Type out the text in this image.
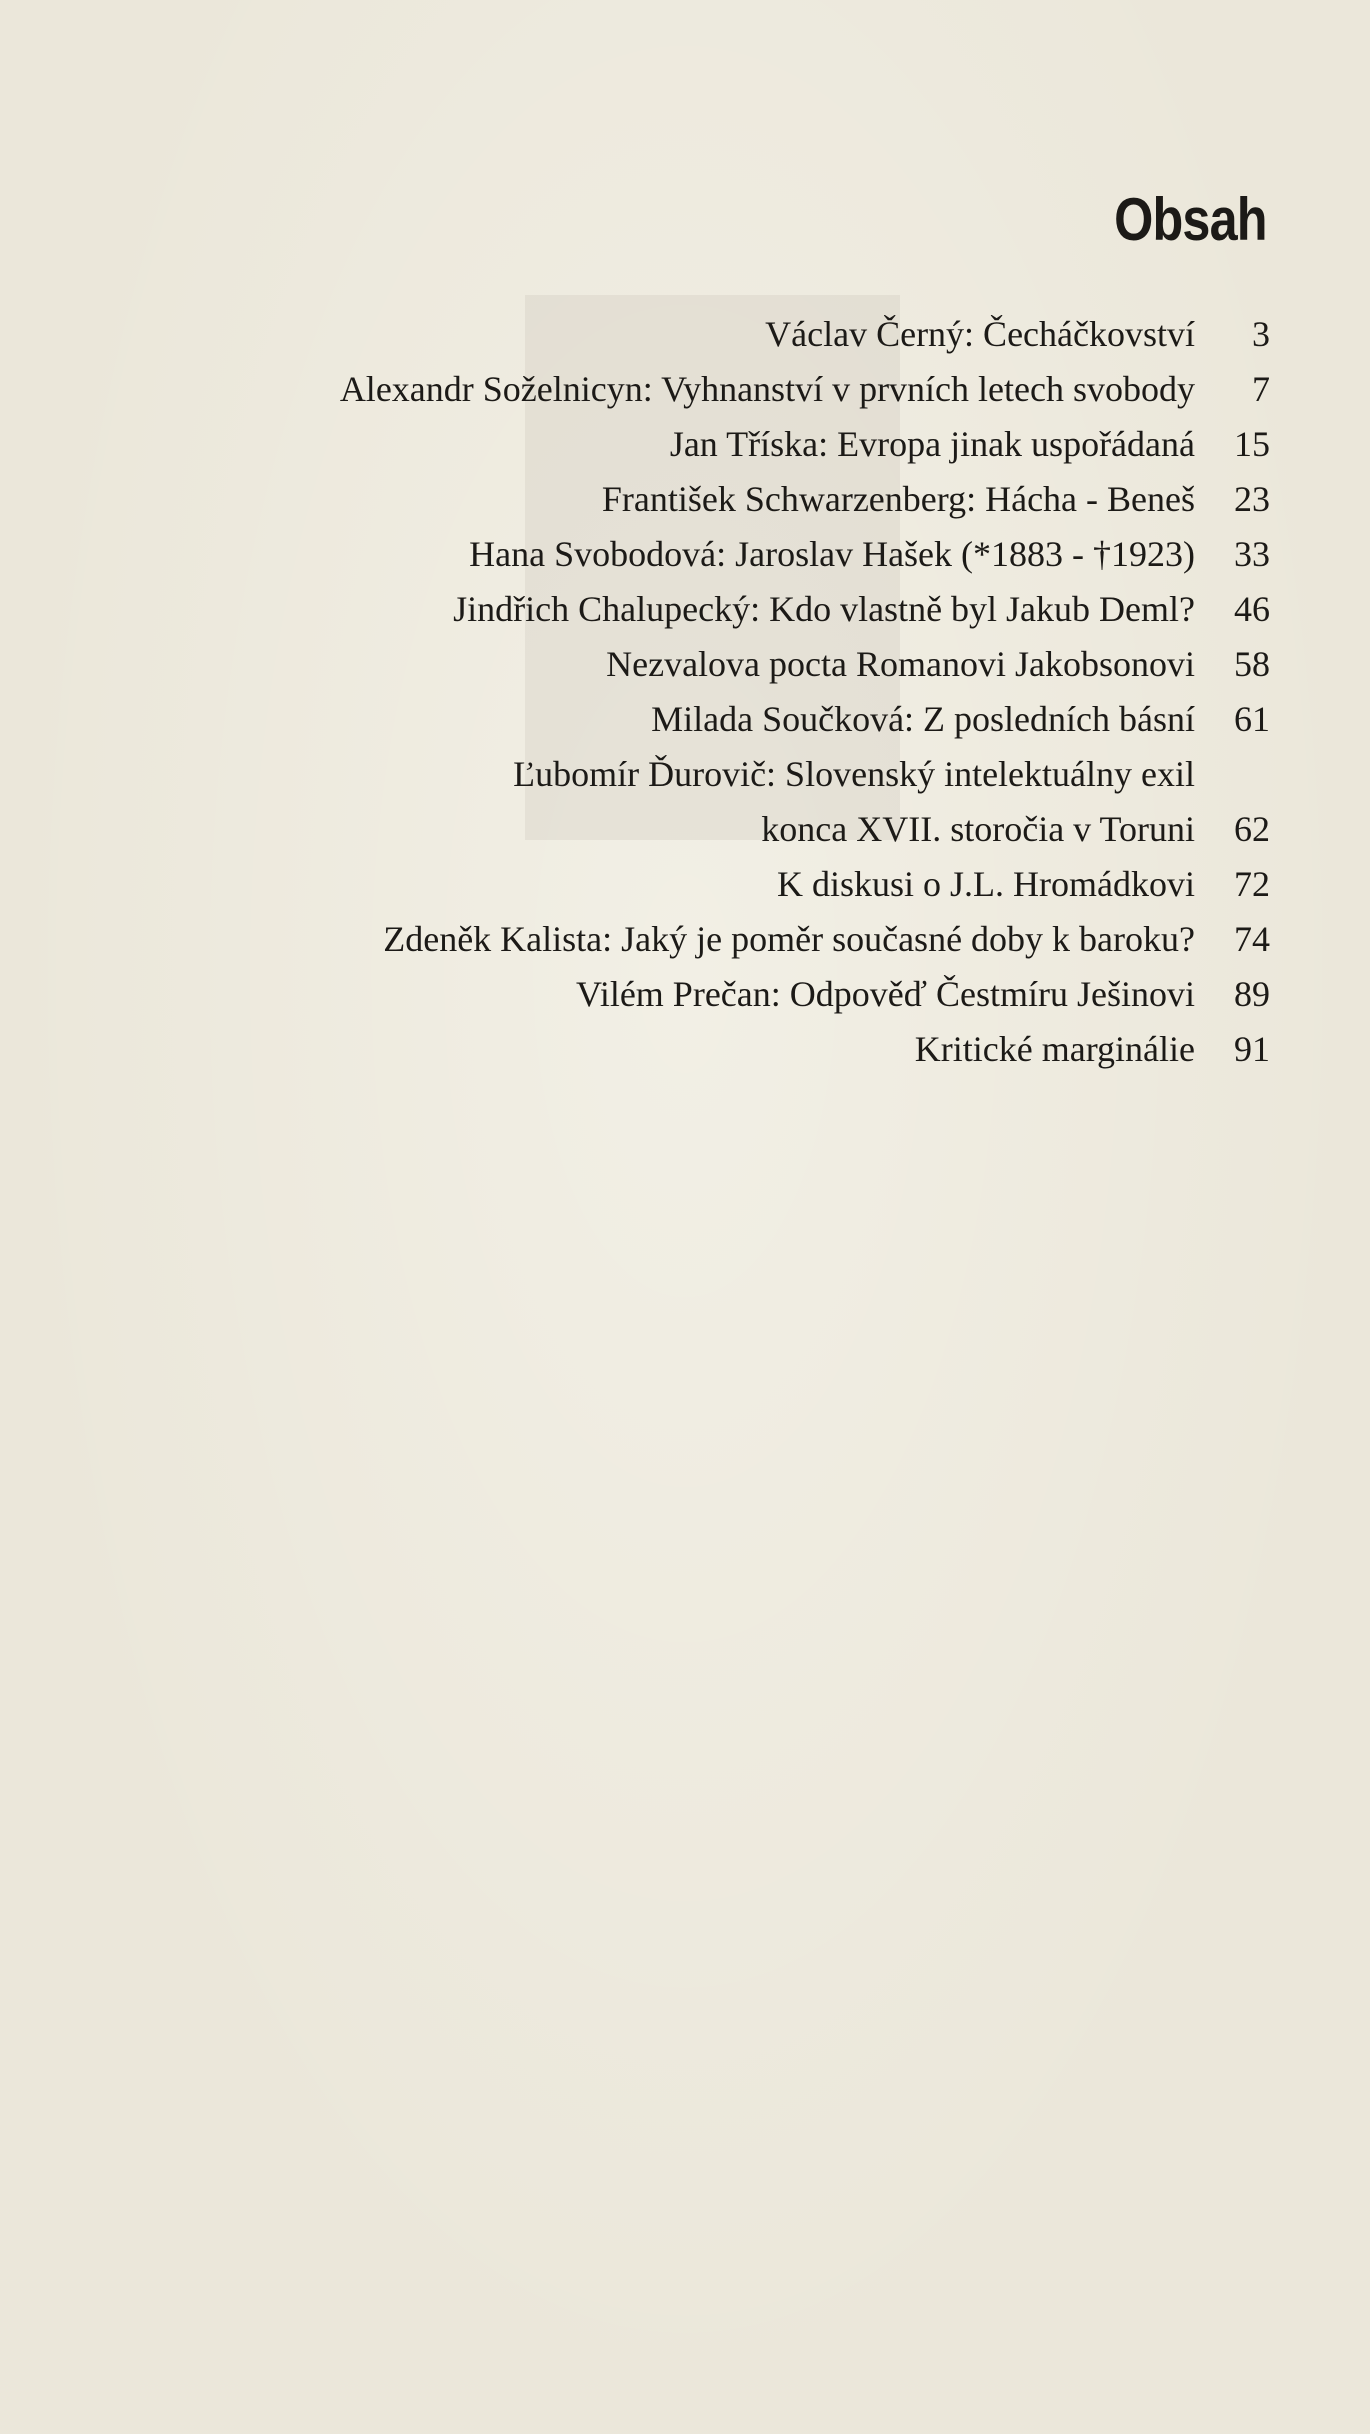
Obsah
Václav Černý: Čecháčkovství	3
Alexandr Soželnicyn: Vyhnanství v prvních letech svobody	7
Jan Tříska: Evropa jinak uspořádaná	15
František Schwarzenberg: Hácha - Beneš	23
Hana Svobodová: Jaroslav Hašek (*1883 - †1923)	33
Jindřich Chalupecký: Kdo vlastně byl Jakub Deml?	46
Nezvalova pocta Romanovi Jakobsonovi	58
Milada Součková: Z posledních básní	61
Ľubomír Ďurovič: Slovenský intelektuálny exil
konca XVII. storočia v Toruni	62
K diskusi o J.L. Hromádkovi	72
Zdeněk Kalista: Jaký je poměr současné doby k baroku?	74
Vilém Prečan: Odpověď Čestmíru Ješinovi	89
Kritické marginálie	91
